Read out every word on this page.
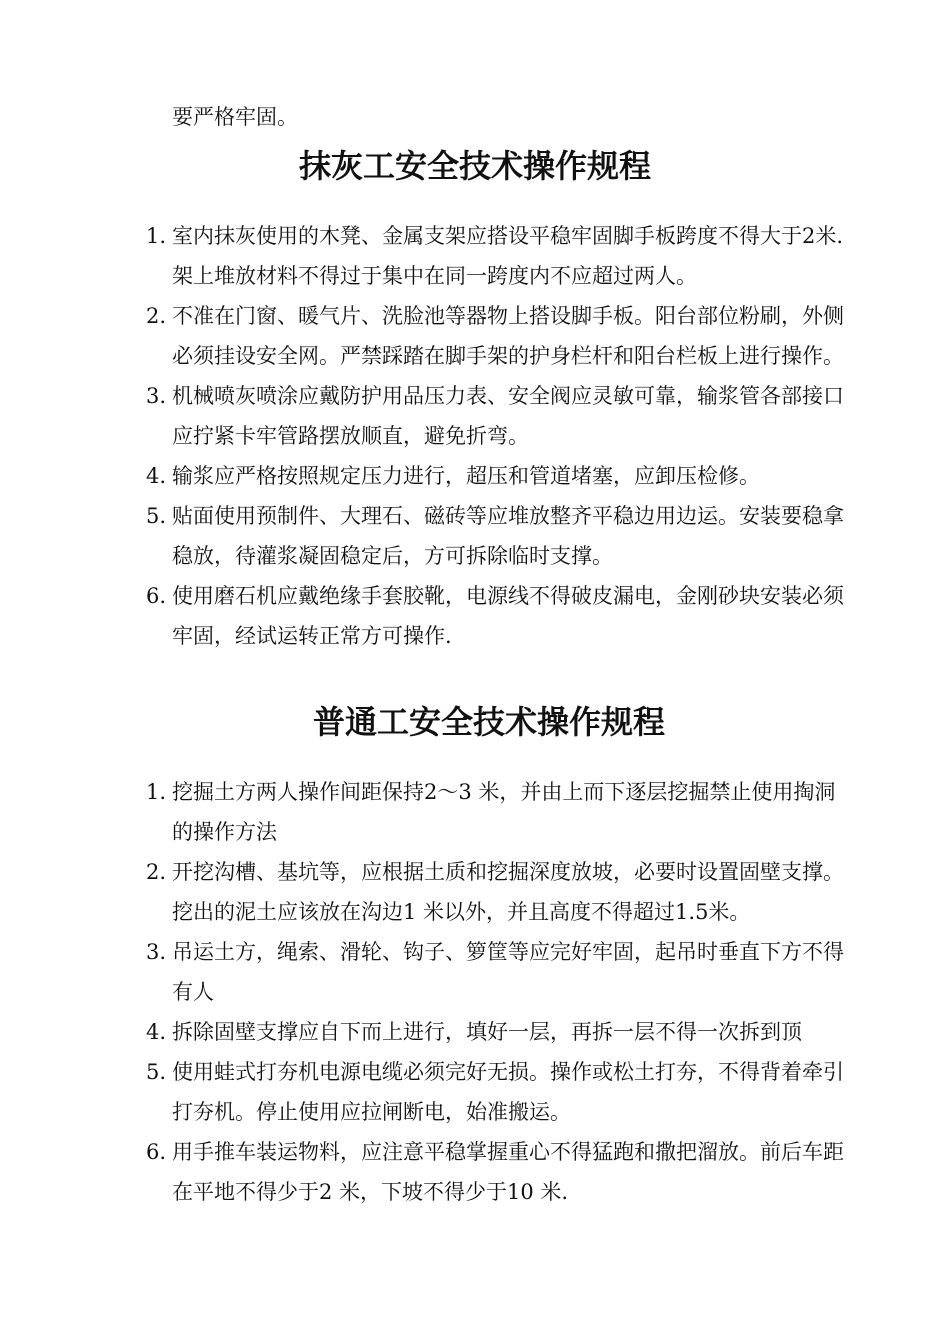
要严格牢固。
抹灰工安全技术操作规程
1. 室内抹灰使用的木凳、金属支架应搭设平稳牢固脚手板跨度不得大于2米.架上堆放材料不得过于集中在同一跨度内不应超过两人。
2. 不准在门窗、暖气片、洗脸池等器物上搭设脚手板。阳台部位粉刷，外侧必须挂设安全网。严禁踩踏在脚手架的护身栏杆和阳台栏板上进行操作。
3. 机械喷灰喷涂应戴防护用品压力表、安全阀应灵敏可靠，输浆管各部接口应拧紧卡牢管路摆放顺直，避免折弯。
4. 输浆应严格按照规定压力进行，超压和管道堵塞，应卸压检修。
5. 贴面使用预制件、大理石、磁砖等应堆放整齐平稳边用边运。安装要稳拿稳放，待灌浆凝固稳定后，方可拆除临时支撑。
6. 使用磨石机应戴绝缘手套胶靴，电源线不得破皮漏电，金刚砂块安装必须牢固，经试运转正常方可操作.
普通工安全技术操作规程
1. 挖掘土方两人操作间距保持2～3 米，并由上而下逐层挖掘禁止使用掏洞的操作方法
2. 开挖沟槽、基坑等，应根据土质和挖掘深度放坡，必要时设置固壁支撑。挖出的泥土应该放在沟边1 米以外，并且高度不得超过1.5米。
3. 吊运土方，绳索、滑轮、钩子、箩筐等应完好牢固，起吊时垂直下方不得有人
4. 拆除固壁支撑应自下而上进行，填好一层，再拆一层不得一次拆到顶
5. 使用蛙式打夯机电源电缆必须完好无损。操作或松土打夯，不得背着牵引打夯机。停止使用应拉闸断电，始准搬运。
6. 用手推车装运物料，应注意平稳掌握重心不得猛跑和撒把溜放。前后车距在平地不得少于2 米，下坡不得少于10 米.
